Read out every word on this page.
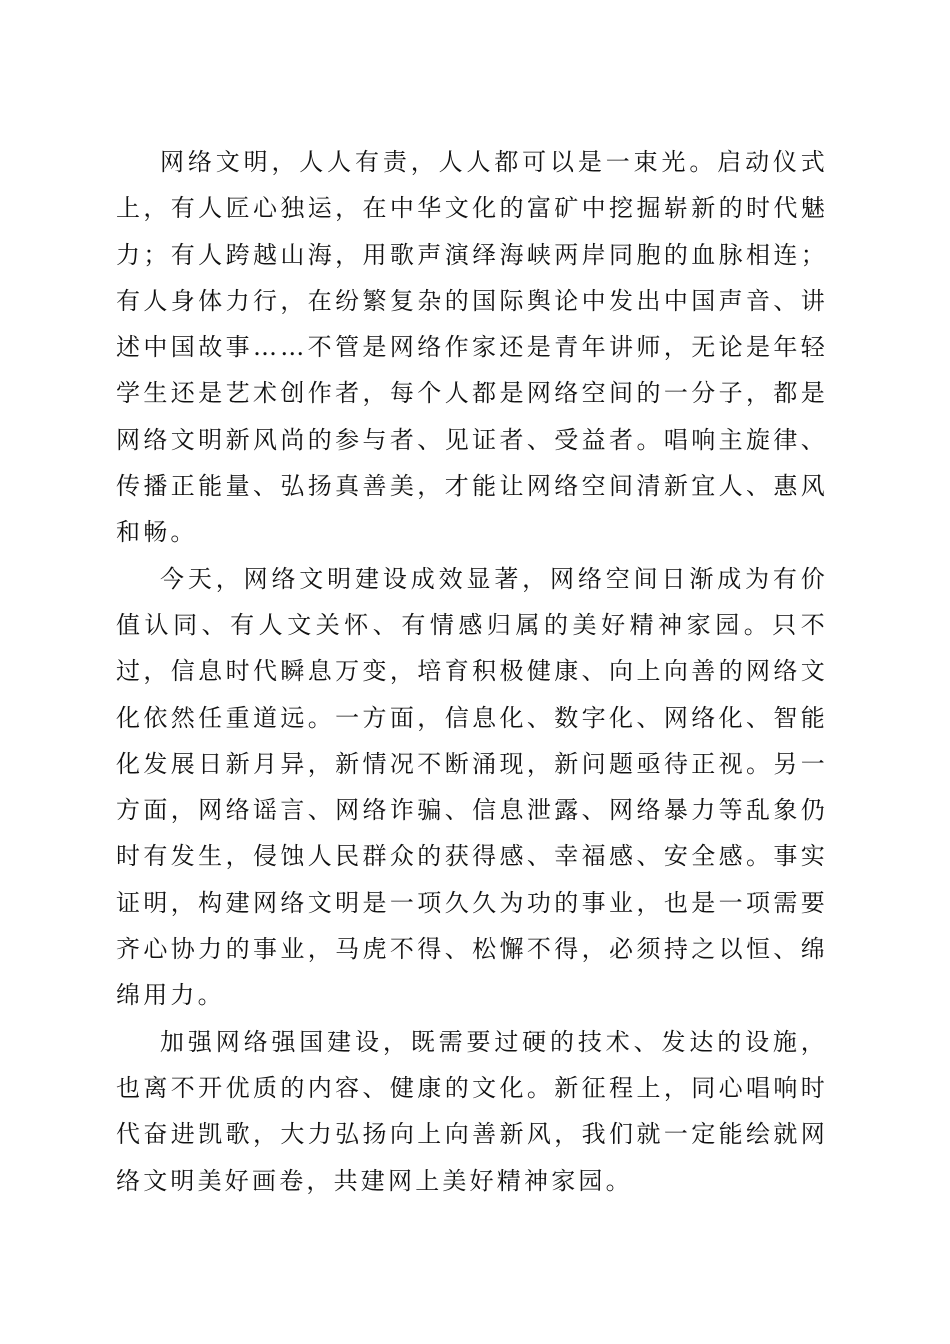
网络文明，人人有责，人人都可以是一束光。启动仪式上，有人匠心独运，在中华文化的富矿中挖掘崭新的时代魅力；有人跨越山海，用歌声演绎海峡两岸同胞的血脉相连；有人身体力行，在纷繁复杂的国际舆论中发出中国声音、讲述中国故事……不管是网络作家还是青年讲师，无论是年轻学生还是艺术创作者，每个人都是网络空间的一分子，都是网络文明新风尚的参与者、见证者、受益者。唱响主旋律、传播正能量、弘扬真善美，才能让网络空间清新宜人、惠风和畅。

今天，网络文明建设成效显著，网络空间日渐成为有价值认同、有人文关怀、有情感归属的美好精神家园。只不过，信息时代瞬息万变，培育积极健康、向上向善的网络文化依然任重道远。一方面，信息化、数字化、网络化、智能化发展日新月异，新情况不断涌现，新问题亟待正视。另一方面，网络谣言、网络诈骗、信息泄露、网络暴力等乱象仍时有发生，侵蚀人民群众的获得感、幸福感、安全感。事实证明，构建网络文明是一项久久为功的事业，也是一项需要齐心协力的事业，马虎不得、松懈不得，必须持之以恒、绵绵用力。

加强网络强国建设，既需要过硬的技术、发达的设施，也离不开优质的内容、健康的文化。新征程上，同心唱响时代奋进凯歌，大力弘扬向上向善新风，我们就一定能绘就网络文明美好画卷，共建网上美好精神家园。
